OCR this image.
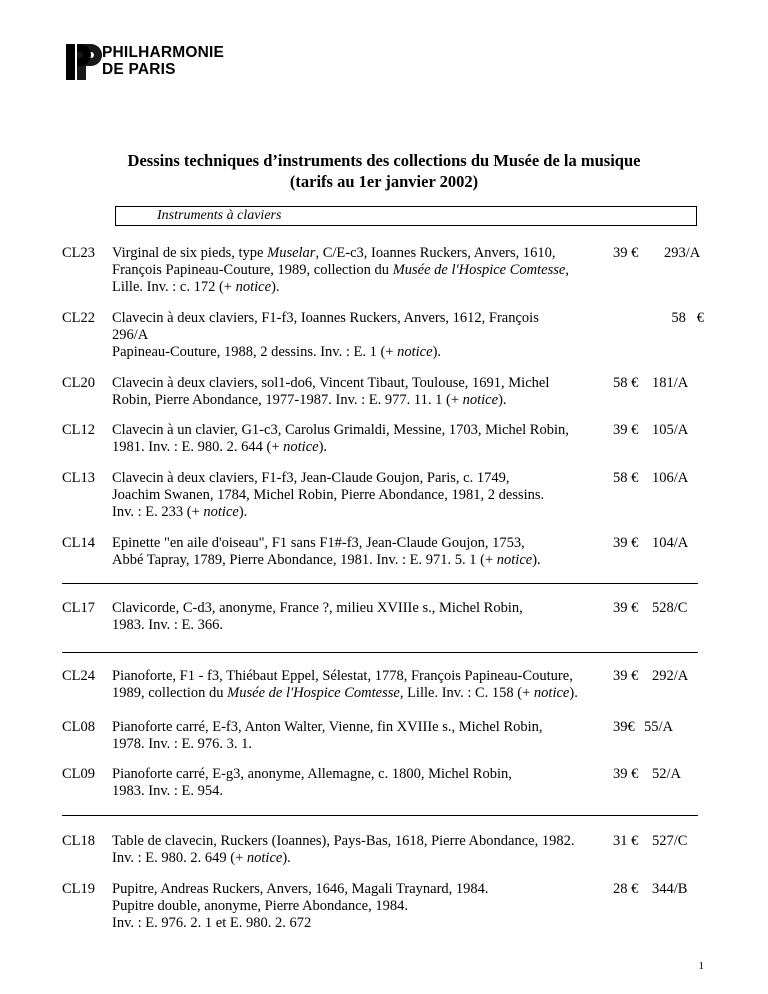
PHILHARMONIE
DE PARIS
Dessins techniques d’instruments des collections du Musée de la musique
(tarifs au 1er janvier 2002)
Instruments à claviers
CL23 Virginal de six pieds, type Muselar, C/E-c3, Ioannes Ruckers, Anvers, 1610,
François Papineau-Couture, 1989, collection du Musée de l'Hospice Comtesse,
Lille. Inv. : c. 172 (+ notice).
39 € 293/A
CL22 Clavecin à deux claviers, F1-f3, Ioannes Ruckers, Anvers, 1612, François
296/A
Papineau-Couture, 1988, 2 dessins. Inv. : E. 1 (+ notice).
58   €
CL20 Clavecin à deux claviers, sol1-do6, Vincent Tibaut, Toulouse, 1691, Michel
Robin, Pierre Abondance, 1977-1987. Inv. : E. 977. 11. 1 (+ notice).
58 € 181/A
CL12 Clavecin à un clavier, G1-c3, Carolus Grimaldi, Messine, 1703, Michel Robin,
1981. Inv. : E. 980. 2. 644 (+ notice).
39 € 105/A
CL13 Clavecin à deux claviers, F1-f3, Jean-Claude Goujon, Paris, c. 1749,
Joachim Swanen, 1784, Michel Robin, Pierre Abondance, 1981, 2 dessins.
Inv. : E. 233 (+ notice).
58 € 106/A
CL14 Epinette "en aile d'oiseau", F1 sans F1#-f3, Jean-Claude Goujon, 1753,
Abbé Tapray, 1789, Pierre Abondance, 1981. Inv. : E. 971. 5. 1 (+ notice).
39 € 104/A
CL17 Clavicorde, C-d3, anonyme, France ?, milieu XVIIIe s., Michel Robin,
1983. Inv. : E. 366.
39 € 528/C
CL24 Pianoforte, F1 - f3, Thiébaut Eppel, Sélestat, 1778, François Papineau-Couture,
1989, collection du Musée de l'Hospice Comtesse, Lille. Inv. : C. 158 (+ notice).
39 € 292/A
CL08 Pianoforte carré, E-f3, Anton Walter, Vienne, fin XVIIIe s., Michel Robin,
1978. Inv. : E. 976. 3. 1.
39€ 55/A
CL09 Pianoforte carré, E-g3, anonyme, Allemagne, c. 1800, Michel Robin,
1983. Inv. : E. 954.
39 € 52/A
CL18 Table de clavecin, Ruckers (Ioannes), Pays-Bas, 1618, Pierre Abondance, 1982.
Inv. : E. 980. 2. 649 (+ notice).
31 € 527/C
CL19 Pupitre, Andreas Ruckers, Anvers, 1646, Magali Traynard, 1984.
Pupitre double, anonyme, Pierre Abondance, 1984.
Inv. : E. 976. 2. 1 et E. 980. 2. 672
28 € 344/B
1
